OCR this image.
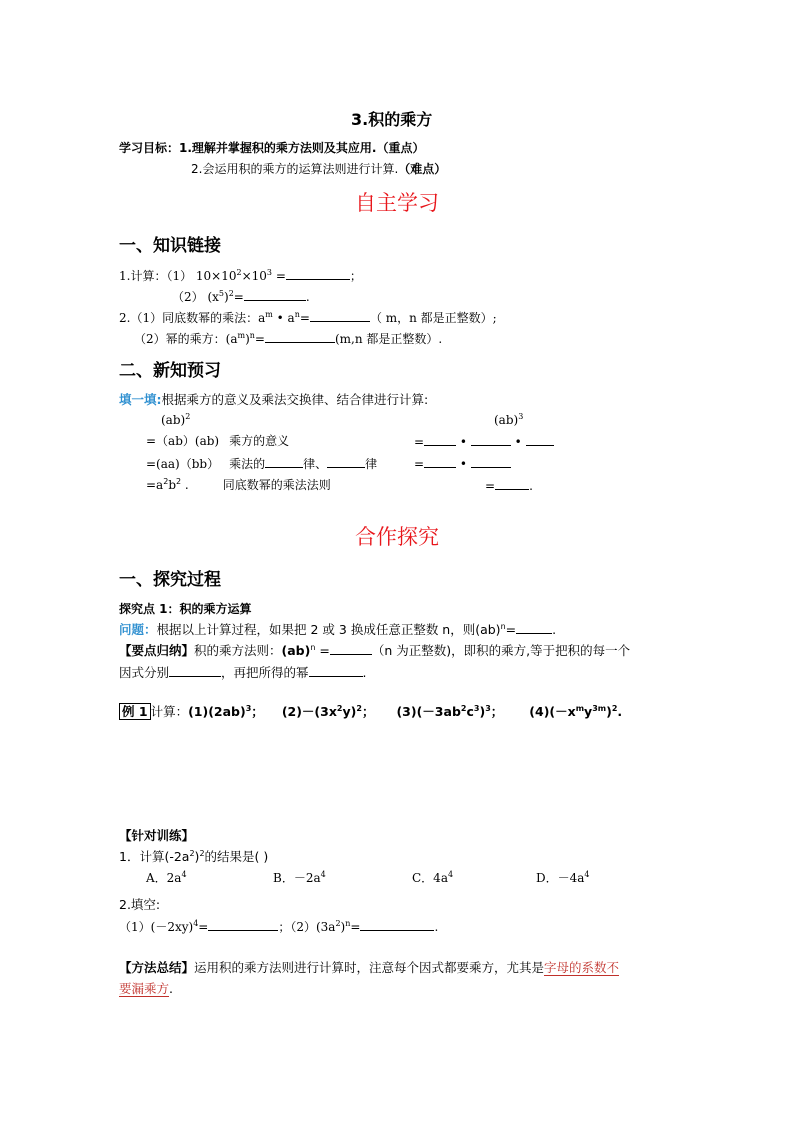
3.积的乘方
学习目标：1.理解并掌握积的乘方法则及其应用.（重点）
2.会运用积的乘方的运算法则进行计算.（难点）
自主学习
一、知识链接
1.计算：（1） $10\times 10^2\times 10^3$ =	；
（2） $(x^5)^2=$	.
2.（1）同底数幂的乘法：$a^m$ • $a^n=$	（ m，n 都是正整数）;
（2）幂的乘方：$(a^m)^n=$	(m,n 都是正整数）.
二、新知预习
填一填:根据乘方的意义及乘法交换律、结合律进行计算:
(ab)$^2$	(ab)$^3$
=（ab）(ab) 乘方的意义	=	•	•
=(aa)（bb） 乘法的	律、	律	=	•
$=a^2b^2$ .	同底数幂的乘法法则	=	.
合作探究
一、探究过程
探究点 1：积的乘方运算
问题：根据以上计算过程，如果把 2 或 3 换成任意正整数 n，则(ab)$^n$=	.
【要点归纳】积的乘方法则：(ab)$^n$ =	（n 为正整数)，即积的乘方,等于把积的每一个
因式分别	，再把所得的幂	.
例 1 计算：$(1)(2ab)^3$； $(2)-(3x^2y)^2$； $(3)(-3ab^2c^3)^3$； $(4)(-x^my^{3m})^2$.
【针对训练】
1．计算$(-2a^2)^2$的结果是( )
A．$2a^4$	B．$-2a^4$	C．$4a^4$	D．$-4a^4$
2.填空:
$(1)(-2xy)^4=$	；$(2)(3a^2)^n=$	.
【方法总结】运用积的乘方法则进行计算时，注意每个因式都要乘方，尤其是字母的系数不
要漏乘方.
